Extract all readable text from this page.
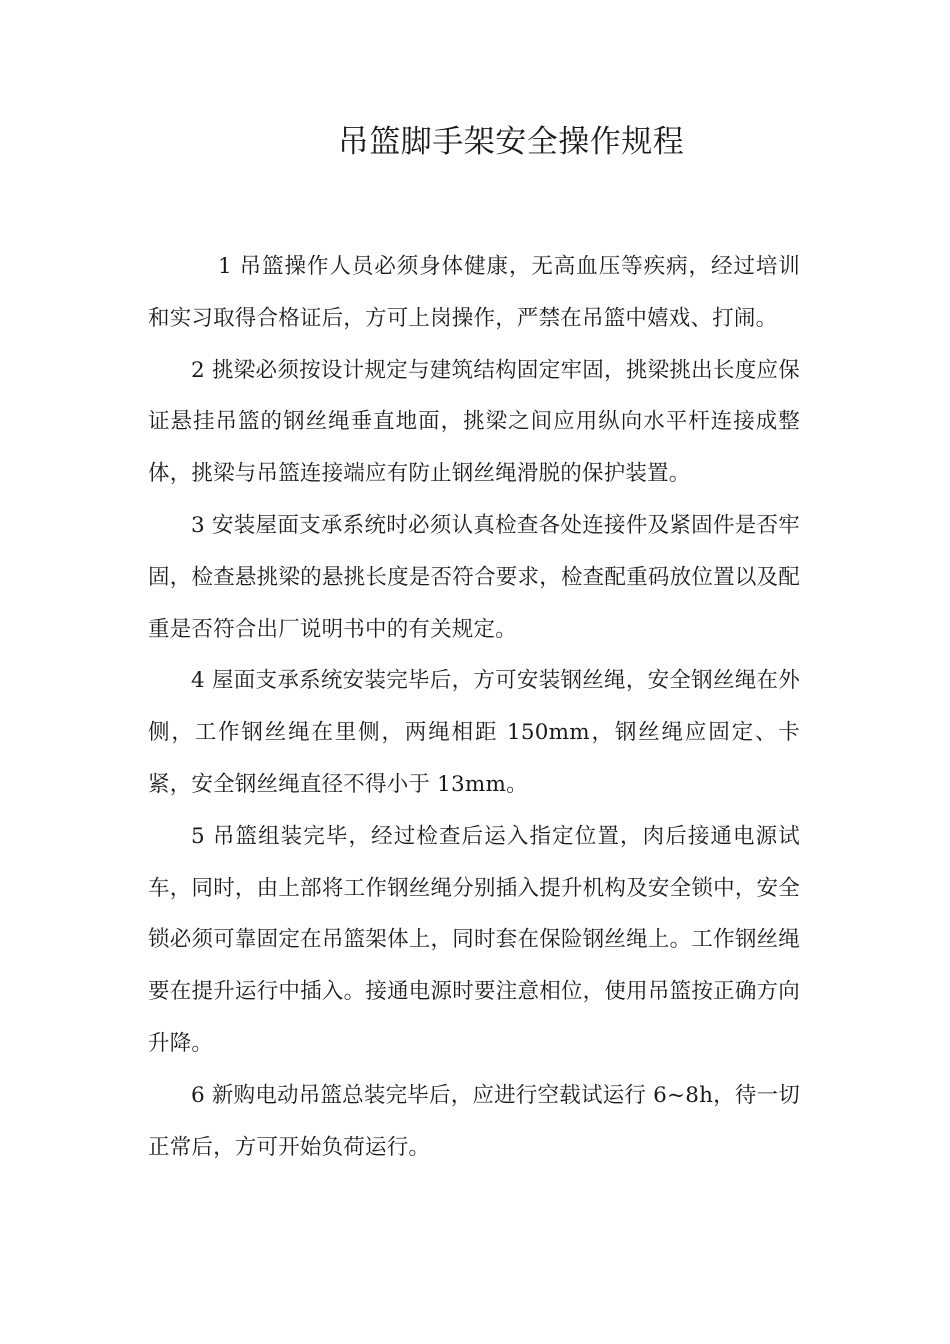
吊篮脚手架安全操作规程

1 吊篮操作人员必须身体健康，无高血压等疾病，经过培训和实习取得合格证后，方可上岗操作，严禁在吊篮中嬉戏、打闹。

2 挑梁必须按设计规定与建筑结构固定牢固，挑梁挑出长度应保证悬挂吊篮的钢丝绳垂直地面，挑梁之间应用纵向水平杆连接成整体，挑梁与吊篮连接端应有防止钢丝绳滑脱的保护装置。

3 安装屋面支承系统时必须认真检查各处连接件及紧固件是否牢固，检查悬挑梁的悬挑长度是否符合要求，检查配重码放位置以及配重是否符合出厂说明书中的有关规定。

4 屋面支承系统安装完毕后，方可安装钢丝绳，安全钢丝绳在外侧，工作钢丝绳在里侧，两绳相距 150mm，钢丝绳应固定、卡紧，安全钢丝绳直径不得小于 13mm。

5 吊篮组装完毕，经过检查后运入指定位置，肉后接通电源试车，同时，由上部将工作钢丝绳分别插入提升机构及安全锁中，安全锁必须可靠固定在吊篮架体上，同时套在保险钢丝绳上。工作钢丝绳要在提升运行中插入。接通电源时要注意相位，使用吊篮按正确方向升降。

6 新购电动吊篮总装完毕后，应进行空载试运行 6~8h，待一切正常后，方可开始负荷运行。
